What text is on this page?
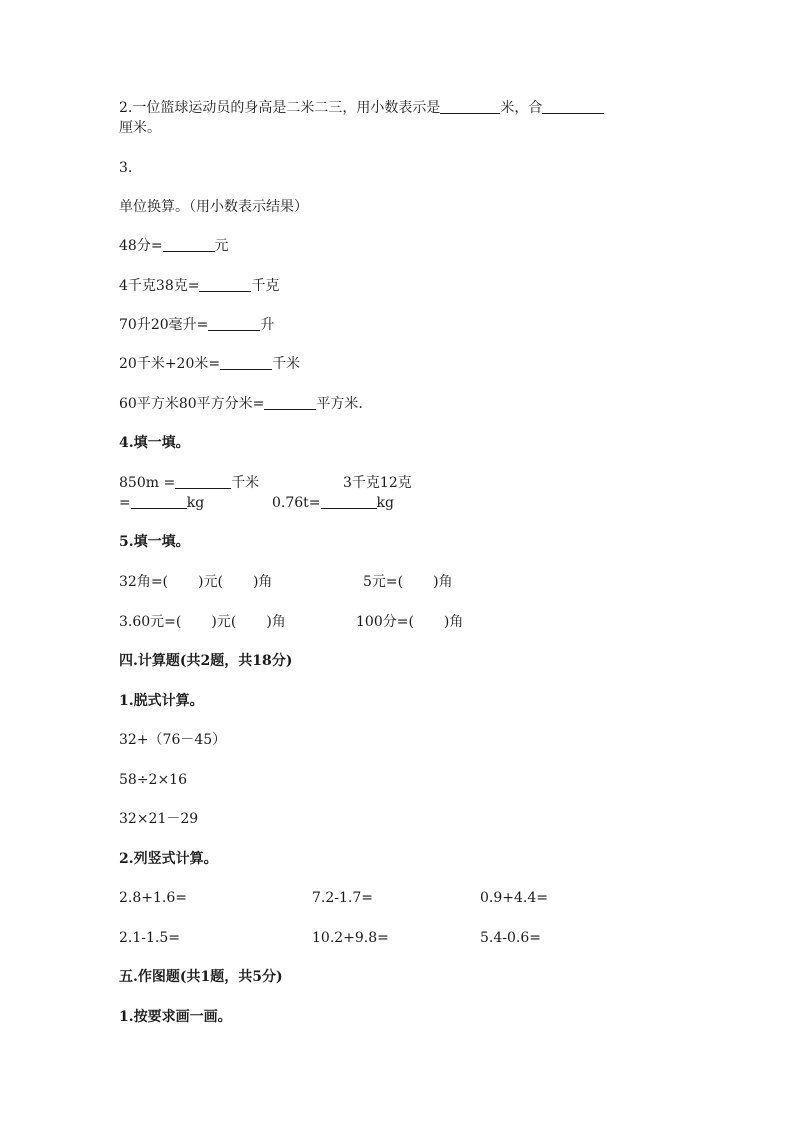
2.一位篮球运动员的身高是二米二三，用小数表示是	米，合
厘米。
3.
单位换算。（用小数表示结果）
48分=	元
4千克38克=	千克
70升20毫升=	升
20千米+20米=	千米
60平方米80平方分米=	平方米.
4.填一填。
850m =	千米	3千克12克
=	kg	0.76t=	kg
5.填一填。
32角=( )元( )角	5元=( )角
3.60元=( )元( )角	100分=( )角
四.计算题(共2题，共18分)
1.脱式计算。
32+（76－45）
58÷2×16
32×21－29
2.列竖式计算。
2.8+1.6=	7.2-1.7=	0.9+4.4=
2.1-1.5=	10.2+9.8=	5.4-0.6=
五.作图题(共1题，共5分)
1.按要求画一画。
